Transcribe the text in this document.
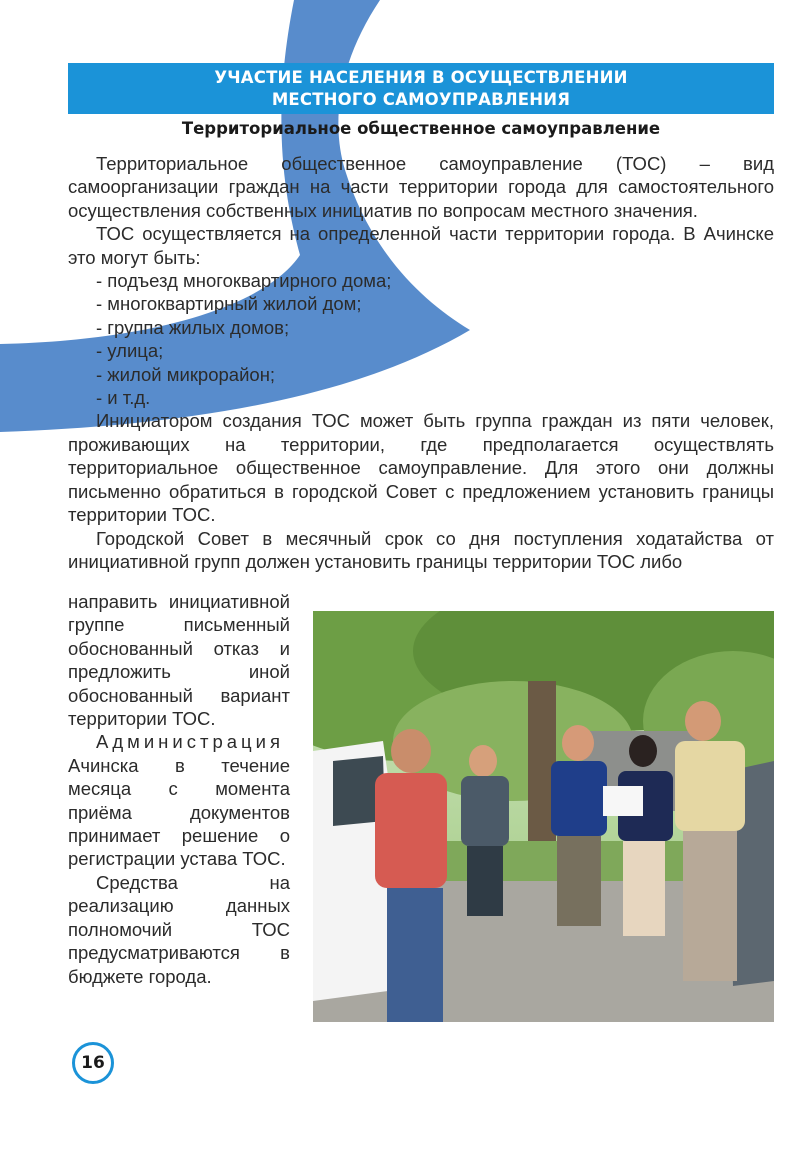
УЧАСТИЕ НАСЕЛЕНИЯ В ОСУЩЕСТВЛЕНИИ
МЕСТНОГО САМОУПРАВЛЕНИЯ
Территориальное общественное самоуправление

Территориальное общественное самоуправление (ТОС) – вид самоорганизации граждан на части территории города для самостоятельного осуществления собственных инициатив по вопросам местного значения.

ТОС осуществляется на определенной части территории города. В Ачинске это могут быть:

- подъезд многоквартирного дома;

- многоквартирный жилой дом;

- группа жилых домов;

- улица;

- жилой микрорайон;

- и т.д.

Инициатором создания ТОС может быть группа граждан из пяти человек, проживающих на территории, где предполагается осуществлять территориальное общественное самоуправление. Для этого они должны письменно обратиться в городской Совет с предложением установить границы территории ТОС.

Городской Совет в месячный срок со дня поступления ходатайства от инициативной групп должен установить границы территории ТОС либо

направить инициативной группе письменный обоснованный отказ и предложить иной обоснованный вариант территории ТОС.

Администрация Ачинска в течение месяца с момента приёма документов принимает решение о регистрации устава ТОС.

Средства на реализацию данных полномочий ТОС предусматриваются в бюджете города.

16
